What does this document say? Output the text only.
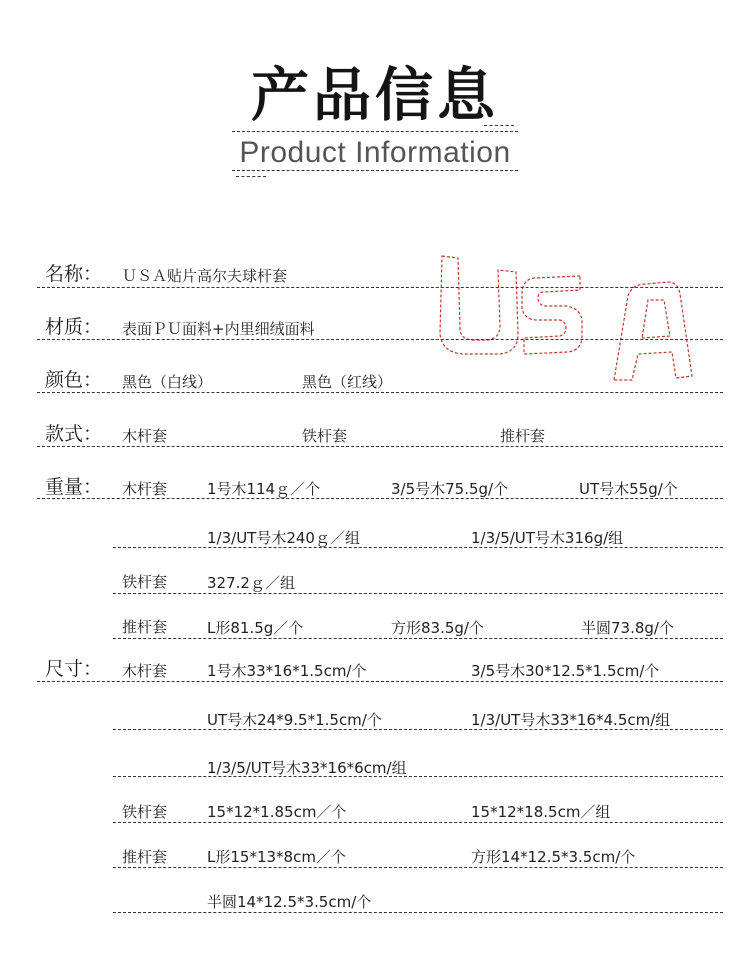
产品信息
Product Information
名称： ＵＳＡ贴片高尔夫球杆套
材质： 表面ＰＵ面料+内里细绒面料
颜色： 黑色（白线）	黑色（红线）
款式： 木杆套	铁杆套	推杆套
重量： 木杆套	1号木114ｇ／个	3/5号木75.5g/个	UT号木55g/个
1/3/UT号木240ｇ／组	1/3/5/UT号木316g/组
铁杆套	327.2ｇ／组
推杆套	L形81.5g／个	方形83.5g/个	半圆73.8g/个
尺寸： 木杆套	1号木33*16*1.5cm/个	3/5号木30*12.5*1.5cm/个
UT号木24*9.5*1.5cm/个	1/3/UT号木33*16*4.5cm/组
1/3/5/UT号木33*16*6cm/组
铁杆套	15*12*1.85cm／个	15*12*18.5cm／组
推杆套	L形15*13*8cm／个	方形14*12.5*3.5cm/个
半圆14*12.5*3.5cm/个
